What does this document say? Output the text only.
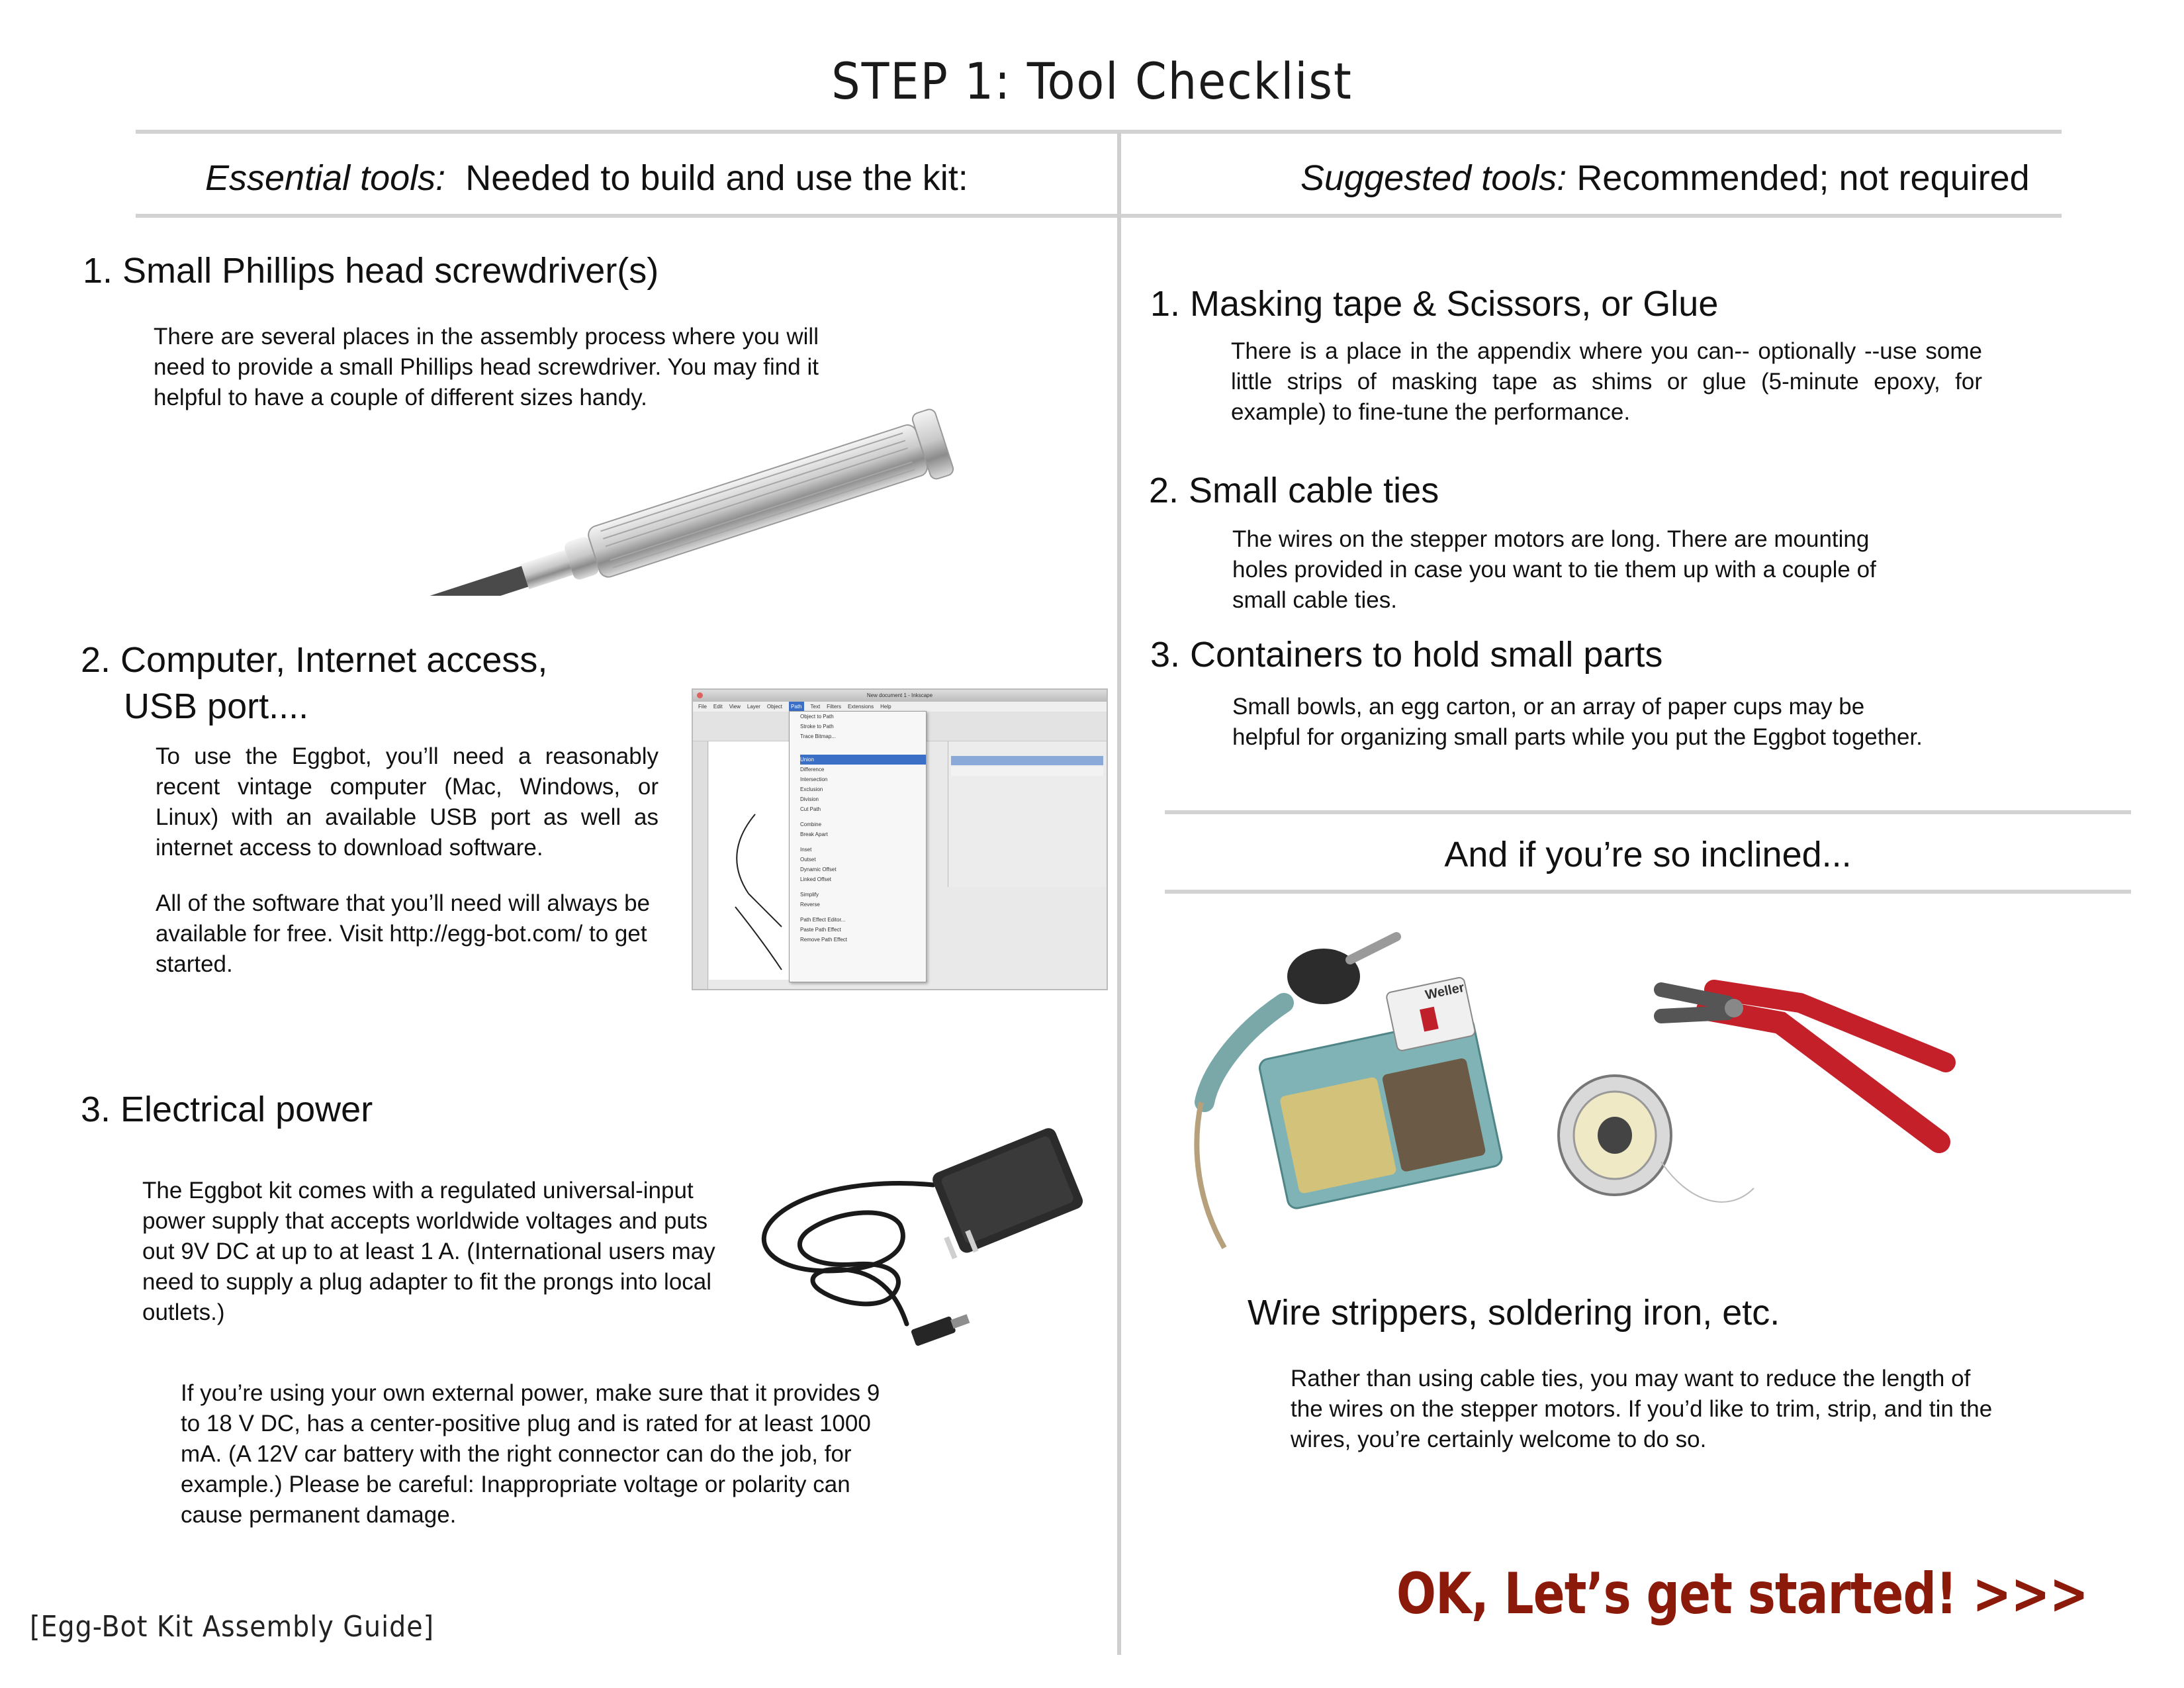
STEP 1: Tool Checklist
Essential tools: Needed to build and use the kit:	Suggested tools: Recommended; not required
1. Small Phillips head screwdriver(s)
There are several places in the assembly process where you will need to provide a small Phillips head screwdriver. You may find it helpful to have a couple of different sizes handy.
2. Computer, Internet access,
USB port....
To use the Eggbot, you’ll need a reasonably recent vintage computer (Mac, Windows, or Linux) with an available USB port as well as internet access to download software.
All of the software that you’ll need will always be available for free. Visit http://egg-bot.com/ to get started.
New document 1 - Inkscape
File Edit View Layer Object	Path	Text Filters Extensions Help
Object to Path
Stroke to Path
Trace Bitmap...
Union
Difference
Intersection
Exclusion
Division
Cut Path
Combine
Break Apart
Inset
Outset
Dynamic Offset
Linked Offset
Simplify
Reverse
Path Effect Editor...
Paste Path Effect
Remove Path Effect
3. Electrical power
The Eggbot kit comes with a regulated universal-input power supply that accepts worldwide voltages and puts out 9V DC at up to at least 1 A. (International users may need to supply a plug adapter to fit the prongs into local outlets.)
If you’re using your own external power, make sure that it provides 9 to 18 V DC, has a center-positive plug and is rated for at least 1000 mA. (A 12V car battery with the right connector can do the job, for example.) Please be careful: Inappropriate voltage or polarity can cause permanent damage.
1. Masking tape & Scissors, or Glue
There is a place in the appendix where you can-- optionally --use some little strips of masking tape as shims or glue (5-minute epoxy, for example) to fine-tune the performance.
2. Small cable ties
The wires on the stepper motors are long. There are mounting holes provided in case you want to tie them up with a couple of small cable ties.
3. Containers to hold small parts
Small bowls, an egg carton, or an array of paper cups may be helpful for organizing small parts while you put the Eggbot together.
And if you’re so inclined...
Weller
Wire strippers, soldering iron, etc.
Rather than using cable ties, you may want to reduce the length of the wires on the stepper motors. If you’d like to trim, strip, and tin the wires, you’re certainly welcome to do so.
[Egg-Bot Kit Assembly Guide]	OK, Let’s get started! >>>
